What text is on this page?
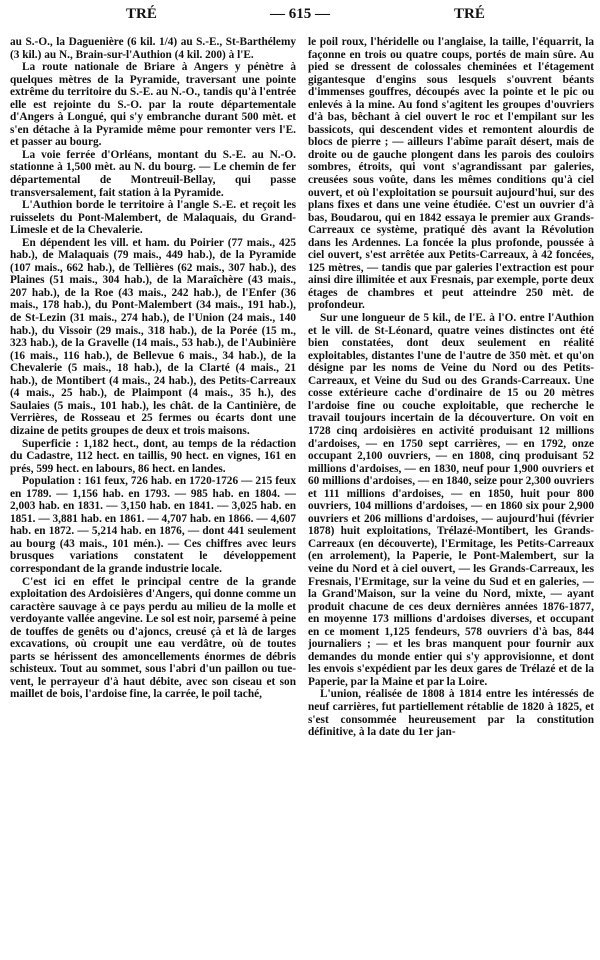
TRÉ	— 615 —	TRÉ

au S.-O., la Daguenière (6 kil. 1/4) au S.-E., St-Barthélemy (3 kil.) au N., Brain-sur-l'Authion (4 kil. 200) à l'E.

La route nationale de Briare à Angers y pénètre à quelques mètres de la Pyramide, traversant une pointe extrême du territoire du S.-E. au N.-O., tandis qu'à l'entrée elle est rejointe du S.-O. par la route départementale d'Angers à Longué, qui s'y embranche durant 500 mèt. et s'en détache à la Pyramide même pour remonter vers l'E. et passer au bourg.

La voie ferrée d'Orléans, montant du S.-E. au N.-O. stationne à 1,500 mèt. au N. du bourg. — Le chemin de fer départemental de Montreuil-Bellay, qui passe transversalement, fait station à la Pyramide.

L'Authion borde le territoire à l'angle S.-E. et reçoit les ruisselets du Pont-Malembert, de Malaquais, du Grand-Limesle et de la Chevalerie.

En dépendent les vill. et ham. du Poirier (77 mais., 425 hab.), de Malaquais (79 mais., 449 hab.), de la Pyramide (107 mais., 662 hab.), de Tellières (62 mais., 307 hab.), des Plaines (51 mais., 304 hab.), de la Maraîchère (43 mais., 207 hab.), de la Roe (43 mais., 242 hab.), de l'Enfer (36 mais., 178 hab.), du Pont-Malembert (34 mais., 191 hab.), de St-Lezin (31 mais., 274 hab.), de l'Union (24 mais., 140 hab.), du Vissoir (29 mais., 318 hab.), de la Porée (15 m., 323 hab.), de la Gravelle (14 mais., 53 hab.), de l'Aubinière (16 mais., 116 hab.), de Bellevue 6 mais., 34 hab.), de la Chevalerie (5 mais., 18 hab.), de la Clarté (4 mais., 21 hab.), de Montibert (4 mais., 24 hab.), des Petits-Carreaux (4 mais., 25 hab.), de Plaimpont (4 mais., 35 h.), des Saulaies (5 mais., 101 hab.), les chât. de la Cantinière, de Verrières, de Rosseau et 25 fermes ou écarts dont une dizaine de petits groupes de deux et trois maisons.

Superficie : 1,182 hect., dont, au temps de la rédaction du Cadastre, 112 hect. en taillis, 90 hect. en vignes, 161 en prés, 599 hect. en labours, 86 hect. en landes.

Population : 161 feux, 726 hab. en 1720-1726 — 215 feux en 1789. — 1,156 hab. en 1793. — 985 hab. en 1804. — 2,003 hab. en 1831. — 3,150 hab. en 1841. — 3,025 hab. en 1851. — 3,881 hab. en 1861. — 4,707 hab. en 1866. — 4,607 hab. en 1872. — 5,214 hab. en 1876, — dont 441 seulement au bourg (43 mais., 101 mén.). — Ces chiffres avec leurs brusques variations constatent le développement correspondant de la grande industrie locale.

C'est ici en effet le principal centre de la grande exploitation des Ardoisières d'Angers, qui donne comme un caractère sauvage à ce pays perdu au milieu de la molle et verdoyante vallée angevine. Le sol est noir, parsemé à peine de touffes de genêts ou d'ajoncs, creusé çà et là de larges excavations, où croupit une eau verdâtre, où de toutes parts se hérissent des amoncellements énormes de débris schisteux. Tout au sommet, sous l'abri d'un paillon ou tue-vent, le perrayeur d'à haut débite, avec son ciseau et son maillet de bois, l'ardoise fine, la carrée, le poil taché,

le poil roux, l'héridelle ou l'anglaise, la taille, l'équarrit, la façonne en trois ou quatre coups, portés de main sûre. Au pied se dressent de colossales cheminées et l'étagement gigantesque d'engins sous lesquels s'ouvrent béants d'immenses gouffres, découpés avec la pointe et le pic ou enlevés à la mine. Au fond s'agitent les groupes d'ouvriers d'à bas, bêchant à ciel ouvert le roc et l'empilant sur les bassicots, qui descendent vides et remontent alourdis de blocs de pierre ; — ailleurs l'abîme paraît désert, mais de droite ou de gauche plongent dans les parois des couloirs sombres, étroits, qui vont s'agrandissant par galeries, creusées sous voûte, dans les mêmes conditions qu'à ciel ouvert, et où l'exploitation se poursuit aujourd'hui, sur des plans fixes et dans une veine étudiée. C'est un ouvrier d'à bas, Boudarou, qui en 1842 essaya le premier aux Grands-Carreaux ce système, pratiqué dès avant la Révolution dans les Ardennes. La foncée la plus profonde, poussée à ciel ouvert, s'est arrêtée aux Petits-Carreaux, à 42 foncées, 125 mètres, — tandis que par galeries l'extraction est pour ainsi dire illimitée et aux Fresnais, par exemple, porte deux étages de chambres et peut atteindre 250 mèt. de profondeur.

Sur une longueur de 5 kil., de l'E. à l'O. entre l'Authion et le vill. de St-Léonard, quatre veines distinctes ont été bien constatées, dont deux seulement en réalité exploitables, distantes l'une de l'autre de 350 mèt. et qu'on désigne par les noms de Veine du Nord ou des Petits-Carreaux, et Veine du Sud ou des Grands-Carreaux. Une cosse extérieure cache d'ordinaire de 15 ou 20 mètres l'ardoise fine ou couche exploitable, que recherche le travail toujours incertain de la découverture. On voit en 1728 cinq ardoisières en activité produisant 12 millions d'ardoises, — en 1750 sept carrières, — en 1792, onze occupant 2,100 ouvriers, — en 1808, cinq produisant 52 millions d'ardoises, — en 1830, neuf pour 1,900 ouvriers et 60 millions d'ardoises, — en 1840, seize pour 2,300 ouvriers et 111 millions d'ardoises, — en 1850, huit pour 800 ouvriers, 104 millions d'ardoises, — en 1860 six pour 2,900 ouvriers et 206 millions d'ardoises, — aujourd'hui (février 1878) huit exploitations, Trélazé-Montibert, les Grands-Carreaux (en découverte), l'Ermitage, les Petits-Carreaux (en arrolement), la Paperie, le Pont-Malembert, sur la veine du Nord et à ciel ouvert, — les Grands-Carreaux, les Fresnais, l'Ermitage, sur la veine du Sud et en galeries, — la Grand'Maison, sur la veine du Nord, mixte, — ayant produit chacune de ces deux dernières années 1876-1877, en moyenne 173 millions d'ardoises diverses, et occupant en ce moment 1,125 fendeurs, 578 ouvriers d'à bas, 844 journaliers ; — et les bras manquent pour fournir aux demandes du monde entier qui s'y approvisionne, et dont les envois s'expédient par les deux gares de Trélazé et de la Paperie, par la Maine et par la Loire.

L'union, réalisée de 1808 à 1814 entre les intéressés de neuf carrières, fut partiellement rétablie de 1820 à 1825, et s'est consommée heureusement par la constitution définitive, à la date du 1er jan-
